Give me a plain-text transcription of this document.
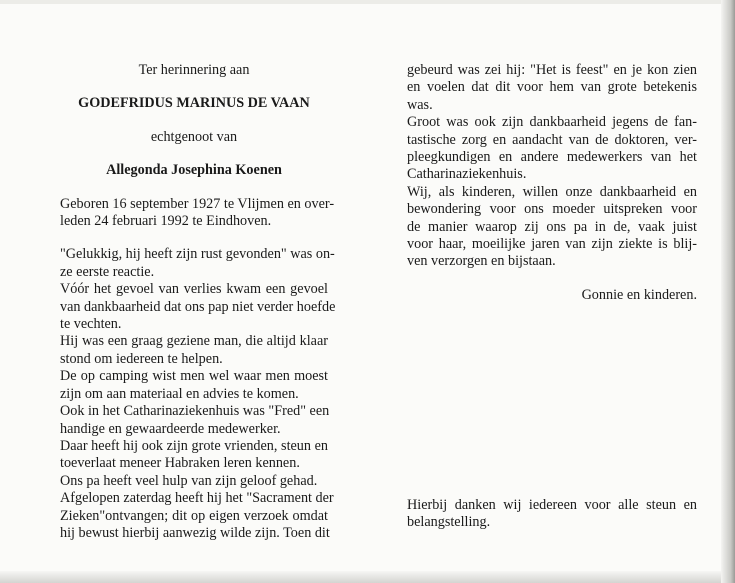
Ter herinnering aan
GODEFRIDUS MARINUS DE VAAN
echtgenoot van
Allegonda Josephina Koenen
Geboren 16 september 1927 te Vlijmen en over-
leden 24 februari 1992 te Eindhoven.
"Gelukkig, hij heeft zijn rust gevonden" was on-
ze eerste reactie.
Vóór het gevoel van verlies kwam een gevoel
van dankbaarheid dat ons pap niet verder hoefde
te vechten.
Hij was een graag geziene man, die altijd klaar
stond om iedereen te helpen.
De op camping wist men wel waar men moest
zijn om aan materiaal en advies te komen.
Ook in het Catharinaziekenhuis was "Fred" een
handige en gewaardeerde medewerker.
Daar heeft hij ook zijn grote vrienden, steun en
toeverlaat meneer Habraken leren kennen.
Ons pa heeft veel hulp van zijn geloof gehad.
Afgelopen zaterdag heeft hij het "Sacrament der
Zieken"ontvangen; dit op eigen verzoek omdat
hij bewust hierbij aanwezig wilde zijn. Toen dit
gebeurd was zei hij: "Het is feest" en je kon zien
en voelen dat dit voor hem van grote betekenis
was.
Groot was ook zijn dankbaarheid jegens de fan-
tastische zorg en aandacht van de doktoren, ver-
pleegkundigen en andere medewerkers van het
Catharinaziekenhuis.
Wij, als kinderen, willen onze dankbaarheid en
bewondering voor ons moeder uitspreken voor
de manier waarop zij ons pa in de, vaak juist
voor haar, moeilijke jaren van zijn ziekte is blij-
ven verzorgen en bijstaan.
Gonnie en kinderen.
Hierbij danken wij iedereen voor alle steun en
belangstelling.
